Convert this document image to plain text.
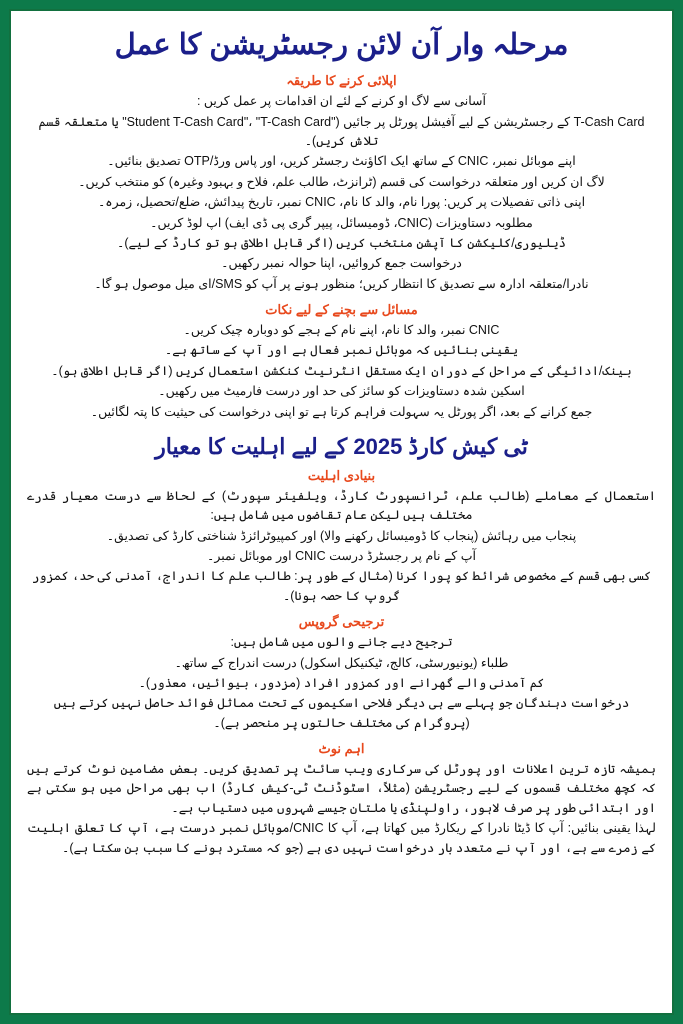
مرحلہ وار آن لائن رجسٹریشن کا عمل
اپلائی کرنے کا طریقہ

آسانی سے لاگ او کرنے کے لئے ان اقدامات پر عمل کریں :

T-Cash Card کے رجسٹریشن کے لیے آفیشل پورٹل پر جائیں ("Student T-Cash Card"، "T-Cash Card" یا متعلقہ قسم تلاش کریں)۔

اپنے موبائل نمبر، CNIC کے ساتھ ایک اکاؤنٹ رجسٹر کریں، اور پاس ورڈ/OTP تصدیق بنائیں۔

لاگ ان کریں اور متعلقہ درخواست کی قسم (ٹرانزٹ، طالب علم، فلاح و بہبود وغیرہ) کو منتخب کریں۔

اپنی ذاتی تفصیلات پر کریں: پورا نام، والد کا نام، CNIC نمبر، تاریخ پیدائش، ضلع/تحصیل، زمرہ۔

مطلوبہ دستاویزات (CNIC، ڈومیسائل، پیپر گری پی ڈی ایف) اپ لوڈ کریں۔

ڈیلیوری/کلیکشن کا آپشن منتخب کریں (اگر قابل اطلاق ہو تو کارڈ کے لیے)۔

درخواست جمع کروائیں، اپنا حوالہ نمبر رکھیں۔

نادرا/متعلقہ ادارہ سے تصدیق کا انتظار کریں؛ منظور ہونے پر آپ کو SMS/ای میل موصول ہو گا۔

مسائل سے بچنے کے لیے نکات

CNIC نمبر، والد کا نام، اپنے نام کے ہجے کو دوبارہ چیک کریں۔

یقینی بنائیں کہ موبائل نمبر فعال ہے اور آپ کے ساتھ ہے۔

بینک/ادائیگی کے مراحل کے دوران ایک مستقل انٹرنیٹ کنکشن استعمال کریں (اگر قابل اطلاق ہو)۔

اسکین شدہ دستاویزات کو سائز کی حد اور درست فارمیٹ میں رکھیں۔

جمع کرانے کے بعد، اگر پورٹل یہ سہولت فراہم کرتا ہے تو اپنی درخواست کی حیثیت کا پتہ لگائیں۔

ٹی کیش کارڈ 2025 کے لیے اہلیت کا معیار
بنیادی اہلیت

استعمال کے معاملے (طالب علم، ٹرانسپورٹ کارڈ، ویلفیئر سپورٹ) کے لحاظ سے درست معیار قدرے مختلف ہیں لیکن عام تقاضوں میں شامل ہیں:

پنجاب میں رہائش (پنجاب کا ڈومیسائل رکھنے والا) اور کمپیوٹرائزڈ شناختی کارڈ کی تصدیق۔

آپ کے نام پر رجسٹرڈ درست CNIC اور موبائل نمبر۔

کسی بھی قسم کے مخصوص شرائط کو پورا کرنا (مثال کے طور پر: طالب علم کا اندراج، آمدنی کی حد، کمزور گروپ کا حصہ ہونا)۔

ترجیحی گروپس

ترجیح دیے جانے والوں میں شامل ہیں:

طلباء (یونیورسٹی، کالج، ٹیکنیکل اسکول) درست اندراج کے ساتھ۔

کم آمدنی والے گھرانے اور کمزور افراد (مزدور، بیوائیں، معذور)۔

درخواست دہندگان جو پہلے سے ہی دیگر فلاحی اسکیموں کے تحت مماثل فوائد حاصل نہیں کرتے ہیں (پروگرام کی مختلف حالتوں پر منحصر ہے)۔

اہم نوٹ

ہمیشہ تازہ ترین اعلانات اور پورٹل کی سرکاری ویب سائٹ پر تصدیق کریں۔ بعض مضامین نوٹ کرتے ہیں کہ کچھ مختلف قسموں کے لیے رجسٹریشن (مثلاً، اسٹوڈنٹ ٹی-کیش کارڈ) اب بھی مراحل میں ہو سکتی ہے اور ابتدائی طور پر صرف لاہور، راولپنڈی یا ملتان جیسے شہروں میں دستیاب ہے۔

لہذا یقینی بنائیں: آپ کا ڈیٹا نادرا کے ریکارڈ میں کھاتا ہے، آپ کا CNIC/موبائل نمبر درست ہے، آپ کا تعلق اہلیت کے زمرے سے ہے، اور آپ نے متعدد بار درخواست نہیں دی ہے (جو کہ مسترد ہونے کا سبب بن سکتا ہے)۔
